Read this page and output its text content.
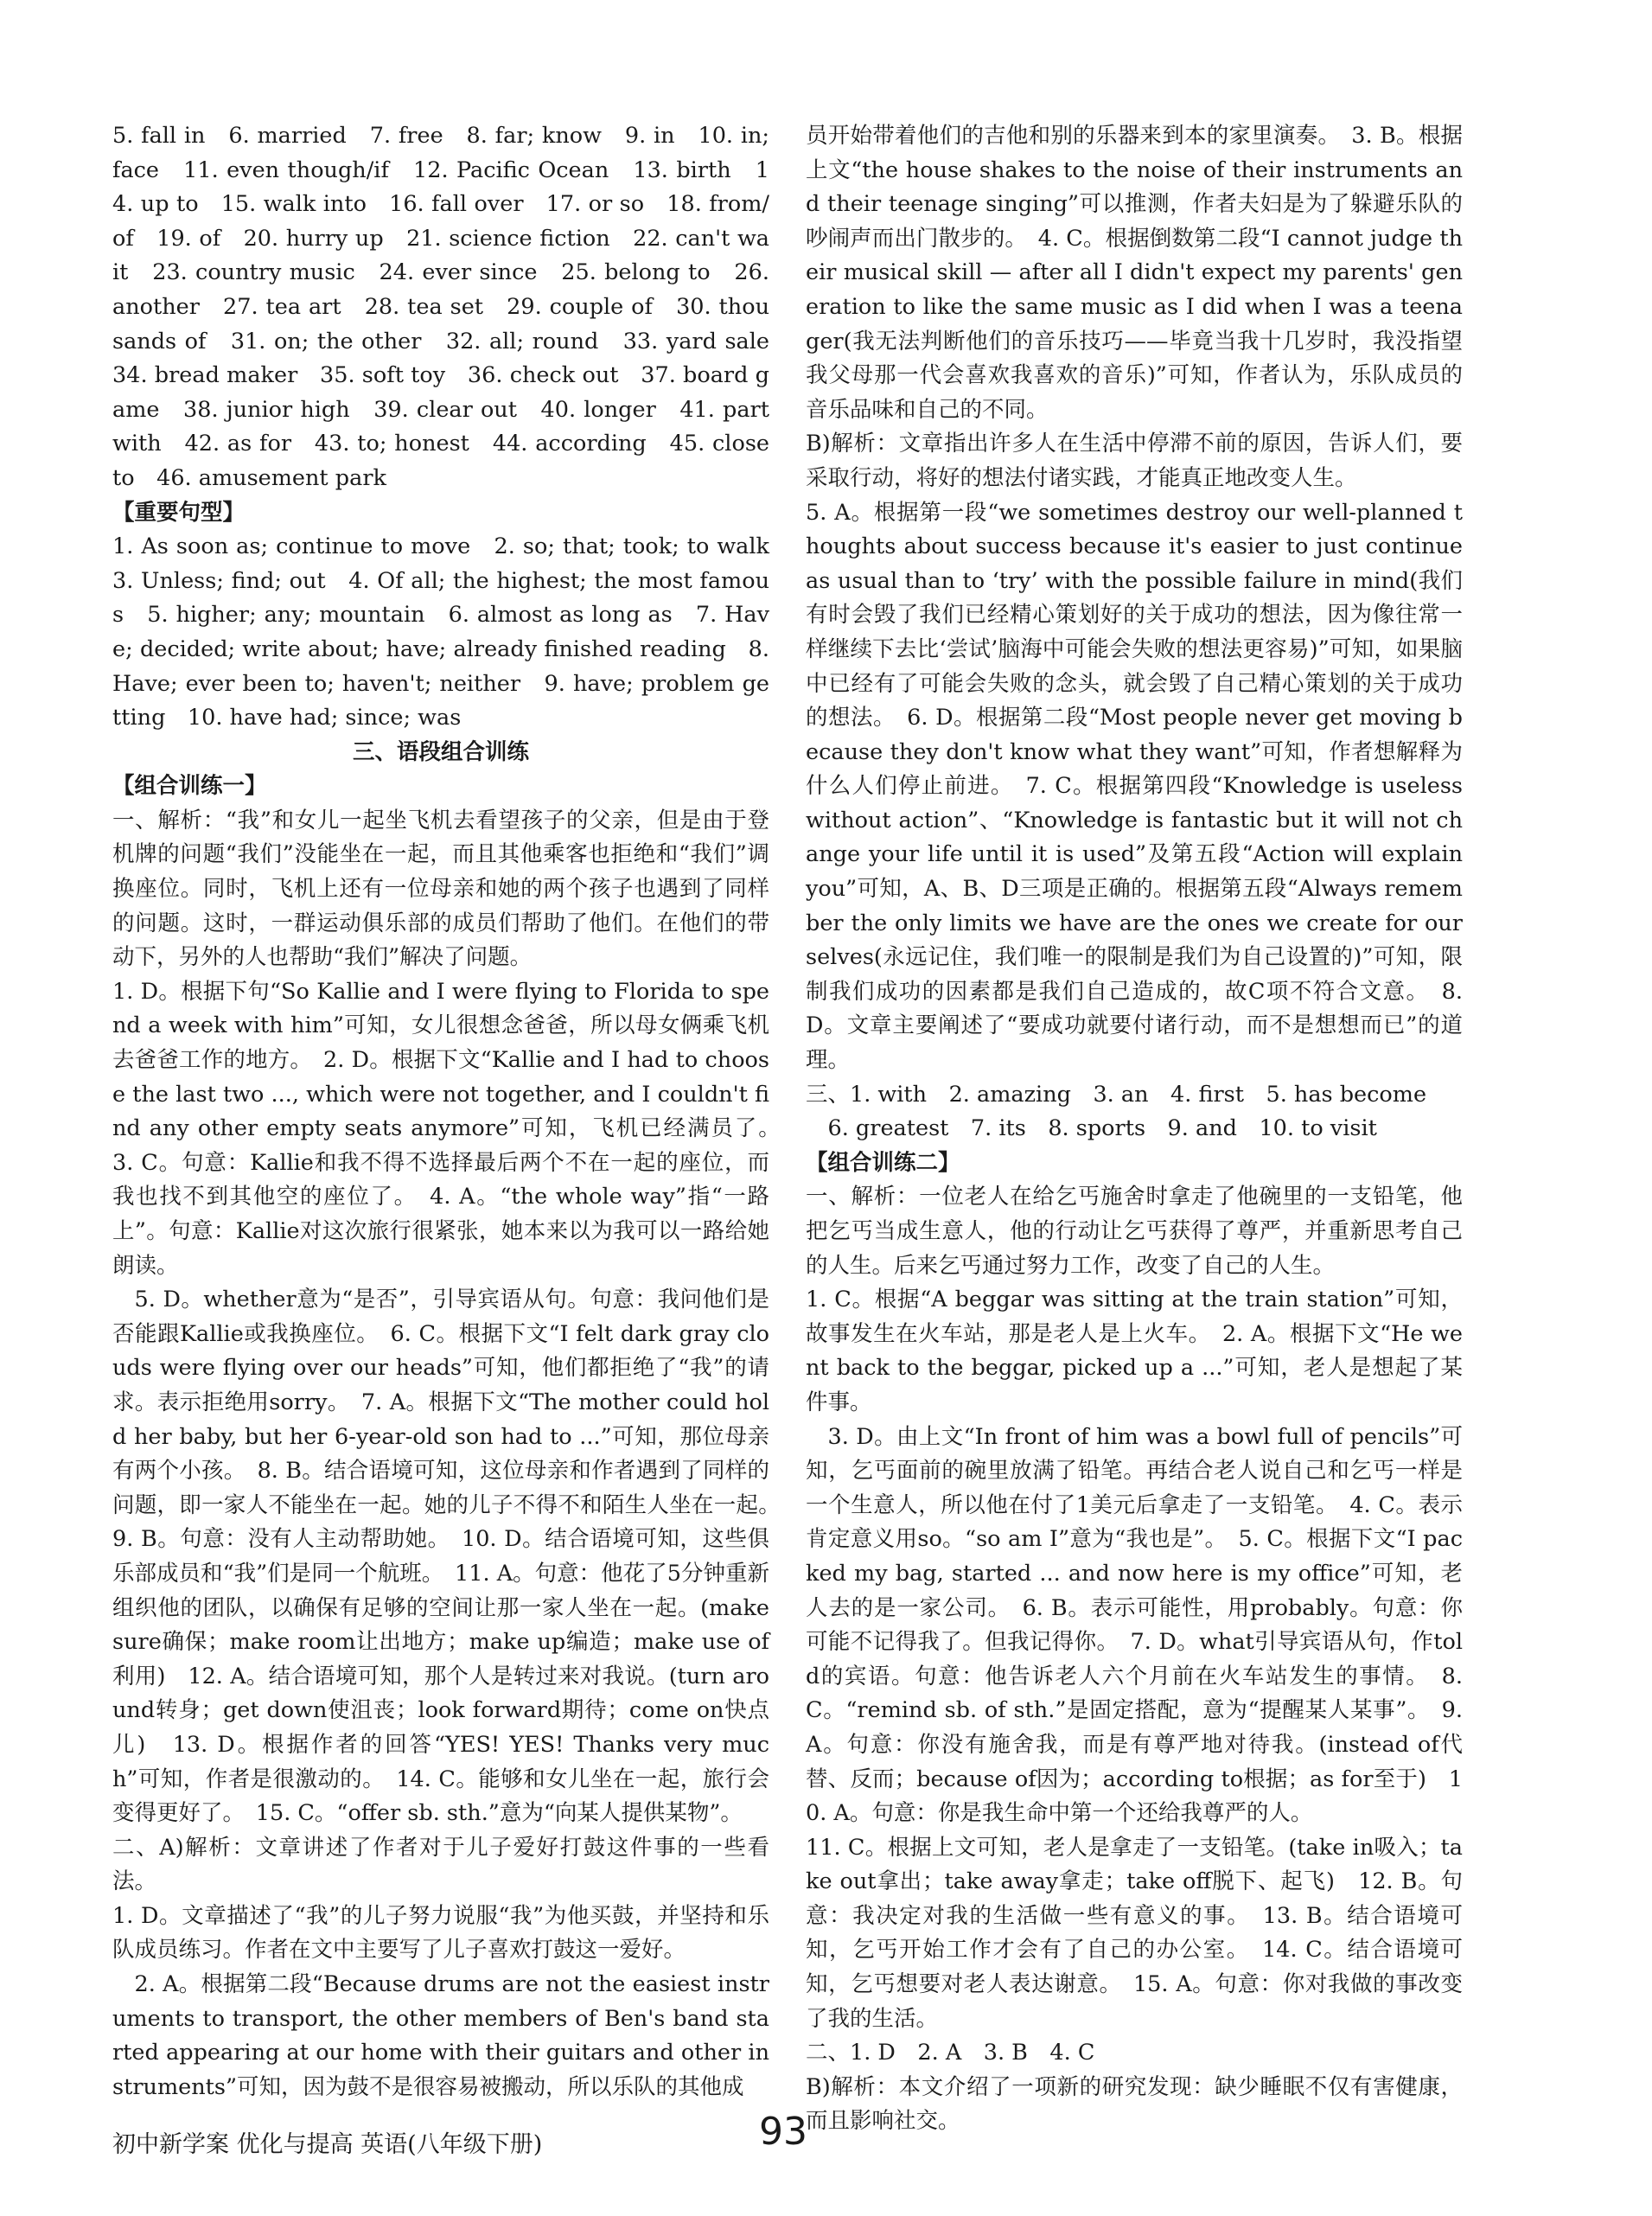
5. fall in　6. married　7. free　8. far; know　9. in　10. in; face　11. even though/if　12. Pacific Ocean　13. birth　14. up to　15. walk into　16. fall over　17. or so　18. from/of　19. of　20. hurry up　21. science fiction　22. can't wait　23. country music　24. ever since　25. belong to　26. another　27. tea art　28. tea set　29. couple of　30. thousands of　31. on; the other　32. all; round　33. yard sale　34. bread maker　35. soft toy　36. check out　37. board game　38. junior high　39. clear out　40. longer　41. part with　42. as for　43. to; honest　44. according　45. close to　46. amusement park

【重要句型】

1. As soon as; continue to move　2. so; that; took; to walk　3. Unless; find; out　4. Of all; the highest; the most famous　5. higher; any; mountain　6. almost as long as　7. Have; decided; write about; have; already finished reading　8. Have; ever been to; haven't; neither　9. have; problem getting　10. have had; since; was

三、语段组合训练

【组合训练一】

一、解析：“我”和女儿一起坐飞机去看望孩子的父亲，但是由于登机牌的问题“我们”没能坐在一起，而且其他乘客也拒绝和“我们”调换座位。同时，飞机上还有一位母亲和她的两个孩子也遇到了同样的问题。这时，一群运动俱乐部的成员们帮助了他们。在他们的带动下，另外的人也帮助“我们”解决了问题。

1. D。根据下句“So Kallie and I were flying to Florida to spend a week with him”可知，女儿很想念爸爸，所以母女俩乘飞机去爸爸工作的地方。　2. D。根据下文“Kallie and I had to choose the last two ..., which were not together, and I couldn't find any other empty seats anymore”可知，飞机已经满员了。　3. C。句意：Kallie和我不得不选择最后两个不在一起的座位，而我也找不到其他空的座位了。　4. A。“the whole way”指“一路上”。句意：Kallie对这次旅行很紧张，她本来以为我可以一路给她朗读。

5. D。whether意为“是否”，引导宾语从句。句意：我问他们是否能跟Kallie或我换座位。　6. C。根据下文“I felt dark gray clouds were flying over our heads”可知，他们都拒绝了“我”的请求。表示拒绝用sorry。　7. A。根据下文“The mother could hold her baby, but her 6-year-old son had to ...”可知，那位母亲有两个小孩。　8. B。结合语境可知，这位母亲和作者遇到了同样的问题，即一家人不能坐在一起。她的儿子不得不和陌生人坐在一起。　9. B。句意：没有人主动帮助她。　10. D。结合语境可知，这些俱乐部成员和“我”们是同一个航班。　11. A。句意：他花了5分钟重新组织他的团队，以确保有足够的空间让那一家人坐在一起。(make sure确保；make room让出地方；make up编造；make use of利用)　12. A。结合语境可知，那个人是转过来对我说。(turn around转身；get down使沮丧；look forward期待；come on快点儿)　13. D。根据作者的回答“YES! YES! Thanks very much”可知，作者是很激动的。　14. C。能够和女儿坐在一起，旅行会变得更好了。　15. C。“offer sb. sth.”意为“向某人提供某物”。

二、A)解析：文章讲述了作者对于儿子爱好打鼓这件事的一些看法。

1. D。文章描述了“我”的儿子努力说服“我”为他买鼓，并坚持和乐队成员练习。作者在文中主要写了儿子喜欢打鼓这一爱好。

2. A。根据第二段“Because drums are not the easiest instruments to transport, the other members of Ben's band started appearing at our home with their guitars and other instruments”可知，因为鼓不是很容易被搬动，所以乐队的其他成

员开始带着他们的吉他和别的乐器来到本的家里演奏。　3. B。根据上文“the house shakes to the noise of their instruments and their teenage singing”可以推测，作者夫妇是为了躲避乐队的吵闹声而出门散步的。　4. C。根据倒数第二段“I cannot judge their musical skill — after all I didn't expect my parents' generation to like the same music as I did when I was a teenager(我无法判断他们的音乐技巧——毕竟当我十几岁时，我没指望我父母那一代会喜欢我喜欢的音乐)”可知，作者认为，乐队成员的音乐品味和自己的不同。

B)解析：文章指出许多人在生活中停滞不前的原因，告诉人们，要采取行动，将好的想法付诸实践，才能真正地改变人生。

5. A。根据第一段“we sometimes destroy our well-planned thoughts about success because it's easier to just continue as usual than to ‘try’ with the possible failure in mind(我们有时会毁了我们已经精心策划好的关于成功的想法，因为像往常一样继续下去比‘尝试’脑海中可能会失败的想法更容易)”可知，如果脑中已经有了可能会失败的念头，就会毁了自己精心策划的关于成功的想法。　6. D。根据第二段“Most people never get moving because they don't know what they want”可知，作者想解释为什么人们停止前进。　7. C。根据第四段“Knowledge is useless without action”、“Knowledge is fantastic but it will not change your life until it is used”及第五段“Action will explain you”可知，A、B、D三项是正确的。根据第五段“Always remember the only limits we have are the ones we create for ourselves(永远记住，我们唯一的限制是我们为自己设置的)”可知，限制我们成功的因素都是我们自己造成的，故C项不符合文意。　8. D。文章主要阐述了“要成功就要付诸行动，而不是想想而已”的道理。

三、1. with　2. amazing　3. an　4. first　5. has become

6. greatest　7. its　8. sports　9. and　10. to visit

【组合训练二】

一、解析：一位老人在给乞丐施舍时拿走了他碗里的一支铅笔，他把乞丐当成生意人，他的行动让乞丐获得了尊严，并重新思考自己的人生。后来乞丐通过努力工作，改变了自己的人生。

1. C。根据“A beggar was sitting at the train station”可知，故事发生在火车站，那是老人是上火车。　2. A。根据下文“He went back to the beggar, picked up a ...”可知，老人是想起了某件事。

3. D。由上文“In front of him was a bowl full of pencils”可知，乞丐面前的碗里放满了铅笔。再结合老人说自己和乞丐一样是一个生意人，所以他在付了1美元后拿走了一支铅笔。　4. C。表示肯定意义用so。“so am I”意为“我也是”。　5. C。根据下文“I packed my bag, started ... and now here is my office”可知，老人去的是一家公司。　6. B。表示可能性，用probably。句意：你可能不记得我了。但我记得你。　7. D。what引导宾语从句，作told的宾语。句意：他告诉老人六个月前在火车站发生的事情。　8. C。“remind sb. of sth.”是固定搭配，意为“提醒某人某事”。　9. A。句意：你没有施舍我，而是有尊严地对待我。(instead of代替、反而；because of因为；according to根据；as for至于)　10. A。句意：你是我生命中第一个还给我尊严的人。

11. C。根据上文可知，老人是拿走了一支铅笔。(take in吸入；take out拿出；take away拿走；take off脱下、起飞)　12. B。句意：我决定对我的生活做一些有意义的事。　13. B。结合语境可知，乞丐开始工作才会有了自己的办公室。　14. C。结合语境可知，乞丐想要对老人表达谢意。　15. A。句意：你对我做的事改变了我的生活。

二、1. D　2. A　3. B　4. C

B)解析：本文介绍了一项新的研究发现：缺少睡眠不仅有害健康，而且影响社交。

初中新学案 优化与提高 英语(八年级下册)	93
